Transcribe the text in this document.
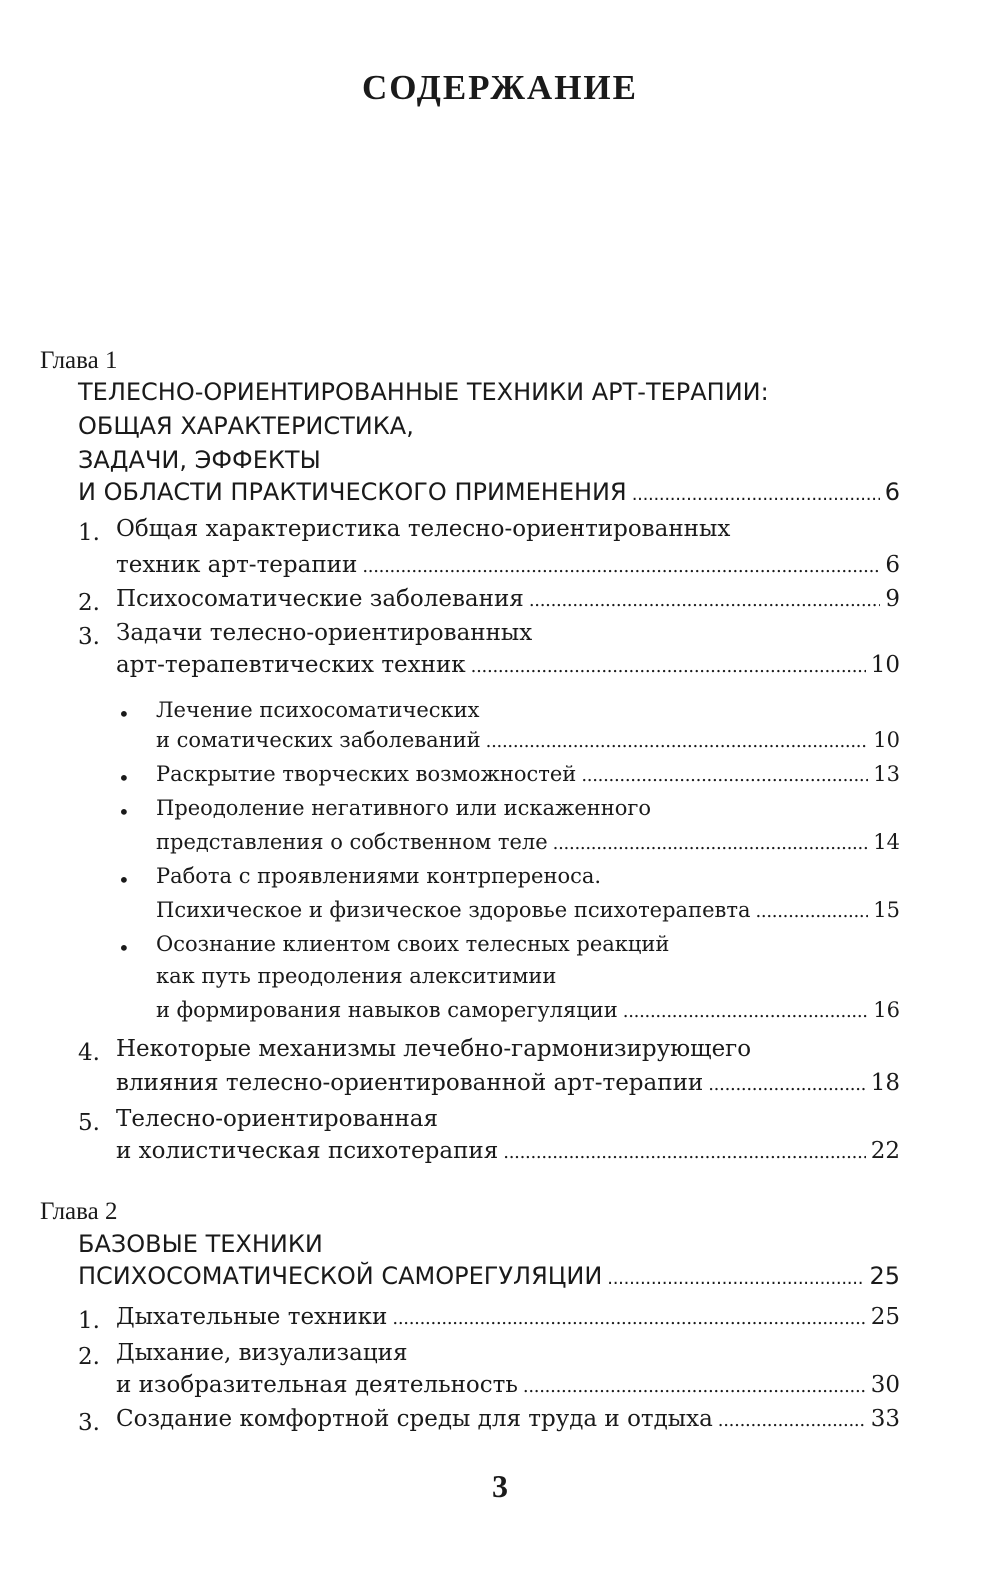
СОДЕРЖАНИЕ
Глава 1
ТЕЛЕСНО-ОРИЕНТИРОВАННЫЕ ТЕХНИКИ АРТ-ТЕРАПИИ:
ОБЩАЯ ХАРАКТЕРИСТИКА,
ЗАДАЧИ, ЭФФЕКТЫ
И ОБЛАСТИ ПРАКТИЧЕСКОГО ПРИМЕНЕНИЯ . . .	6
1. Общая характеристика телесно-ориентированных
техник арт-терапии . . .	6
2. Психосоматические заболевания . . .	9
3. Задачи телесно-ориентированных
арт-терапевтических техник . . .	10
• Лечение психосоматических
и соматических заболеваний . . .	10
• Раскрытие творческих возможностей . . .	13
• Преодоление негативного или искаженного
представления о собственном теле . . .	14
• Работа с проявлениями контрпереноса.
Психическое и физическое здоровье психотерапевта . . .	15
• Осознание клиентом своих телесных реакций
как путь преодоления алекситимии
и формирования навыков саморегуляции . . .	16
4. Некоторые механизмы лечебно-гармонизирующего
влияния телесно-ориентированной арт-терапии . . .	18
5. Телесно-ориентированная
и холистическая психотерапия . . .	22
Глава 2
БАЗОВЫЕ ТЕХНИКИ
ПСИХОСОМАТИЧЕСКОЙ САМОРЕГУЛЯЦИИ . . .	25
1. Дыхательные техники . . .	25
2. Дыхание, визуализация
и изобразительная деятельность . . .	30
3. Создание комфортной среды для труда и отдыха . . .	33
3
